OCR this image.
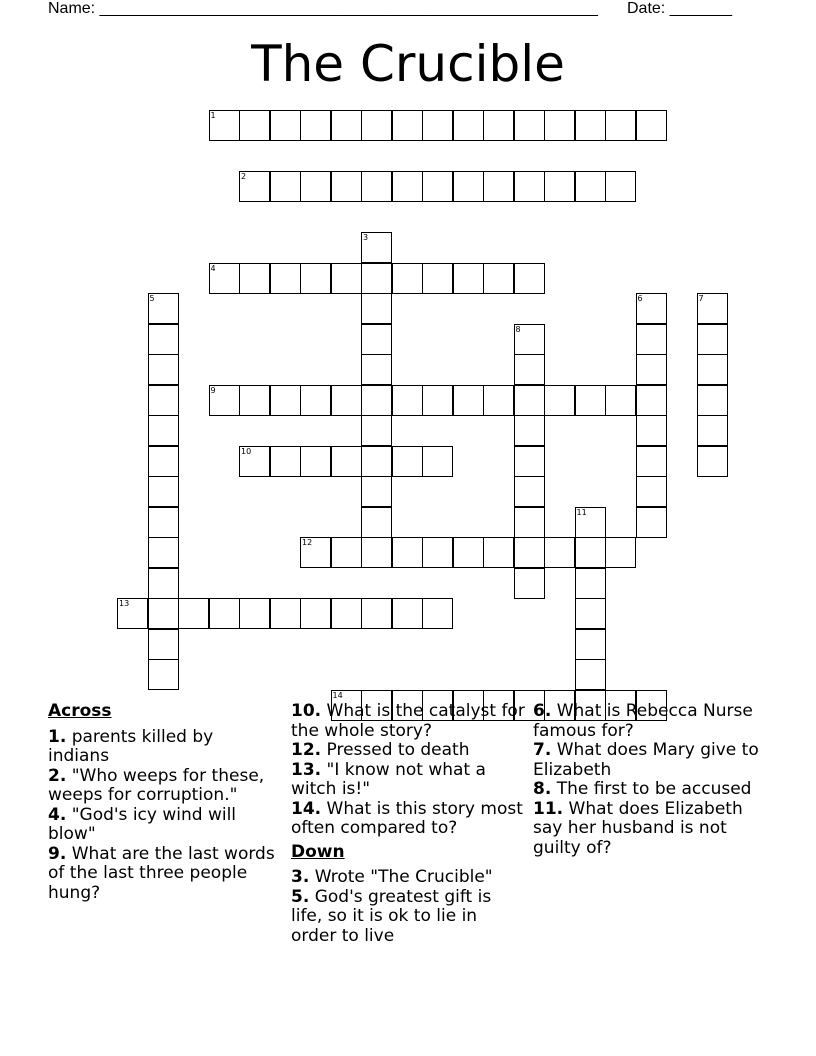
Name: ________________________________________________________ Date: _______
The Crucible
1
2
3
4
5	6	7
8
9
10
11
12
13
14
Across
1. parents killed by indians
2. "Who weeps for these, weeps for corruption."
4. "God's icy wind will blow"
9. What are the last words of the last three people hung?
10. What is the catalyst for the whole story?
12. Pressed to death
13. "I know not what a witch is!"
14. What is this story most often compared to?
Down
3. Wrote "The Crucible"
5. God's greatest gift is life, so it is ok to lie in order to live
6. What is Rebecca Nurse famous for?
7. What does Mary give to Elizabeth
8. The first to be accused
11. What does Elizabeth say her husband is not guilty of?
